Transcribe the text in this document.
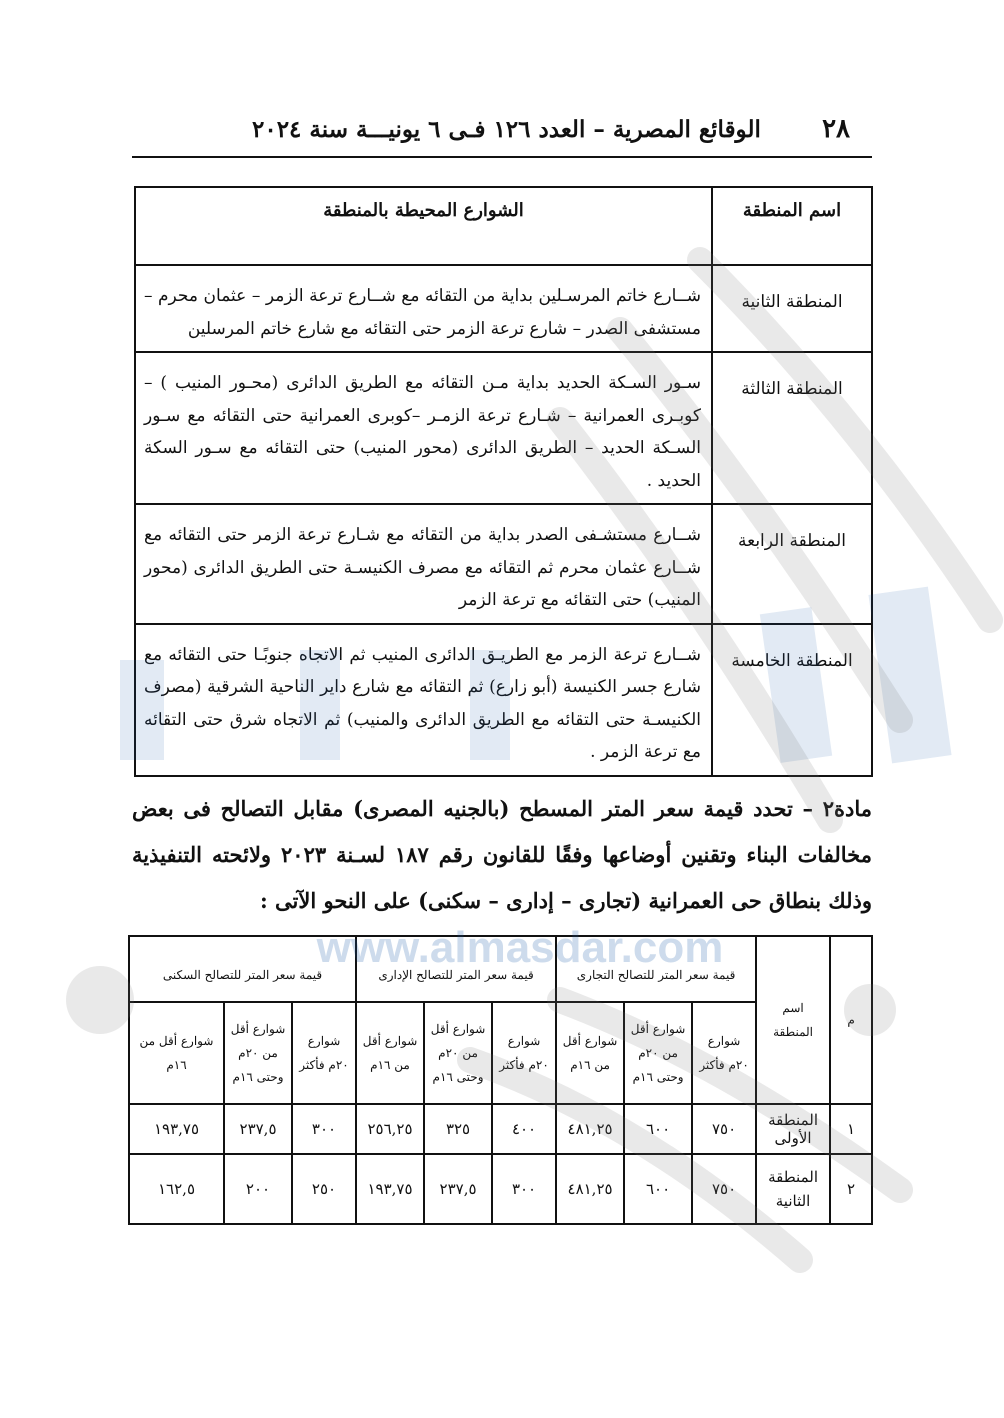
٢٨
الوقائع المصرية – العدد ١٢٦ فـى ٦ يونيـــة سنة ٢٠٢٤
اسم المنطقة	الشوارع المحيطة بالمنطقة
المنطقة الثانية	شــارع خاتم المرسـلين بداية من التقائه مع شــارع ترعة الزمر – عثمان محرم – مستشفى الصدر – شارع ترعة الزمر حتى التقائه مع شارع خاتم المرسلين
المنطقة الثالثة	سـور السـكة الحديد بداية مـن التقائه مع الطريق الدائرى (محـور المنيب ) – كوبـرى العمرانية – شـارع ترعة الزمـر –كوبرى العمرانية حتى التقائه مع سـور السـكة الحديد – الطريق الدائرى (محور المنيب) حتى التقائه مع سـور السكة الحديد .
المنطقة الرابعة	شــارع مستشـفى الصدر بداية من التقائه مع شـارع ترعة الزمر حتى التقائه مع شــارع عثمان محرم ثم التقائه مع مصرف الكنيسـة حتى الطريق الدائرى (محور المنيب) حتى التقائه مع ترعة الزمر
المنطقة الخامسة	شــارع ترعة الزمر مع الطريـق الدائرى المنيب ثم الاتجاه جنوبًـا حتى التقائه مع شارع جسر الكنيسة (أبو زارع) ثم التقائه مع شارع داير الناحية الشرقية (مصرف الكنيسـة حتى التقائه مع الطريق الدائرى والمنيب) ثم الاتجاه شرق حتى التقائه مع ترعة الزمر .

مادة٢ – تحدد قيمة سعر المتر المسطح (بالجنيه المصرى) مقابل التصالح فى بعض مخالفات البناء وتقنين أوضاعها وفقًا للقانون رقم ١٨٧ لسـنة ٢٠٢٣ ولائحته التنفيذية وذلك بنطاق حى العمرانية (تجارى – إدارى – سكنى) على النحو الآتى :

م	اسم المنطقة	قيمة سعر المتر للتصالح التجارى			قيمة سعر المتر للتصالح الإدارى			قيمة سعر المتر للتصالح السكنى		
		شوارع ٢٠م فأكثر	شوارع أقل من ٢٠م وحتى ١٦م	شوارع أقل من ١٦م	شوارع ٢٠م فأكثر	شوارع أقل من ٢٠م وحتى ١٦م	شوارع أقل من ١٦م	شوارع ٢٠م فأكثر	شوارع أقل من ٢٠م وحتى ١٦م	شوارع أقل من ١٦م
١	المنطقة الأولى	٧٥٠	٦٠٠	٤٨١,٢٥	٤٠٠	٣٢٥	٢٥٦,٢٥	٣٠٠	٢٣٧,٥	١٩٣,٧٥
٢	المنطقة الثانية	٧٥٠	٦٠٠	٤٨١,٢٥	٣٠٠	٢٣٧,٥	١٩٣,٧٥	٢٥٠	٢٠٠	١٦٢,٥
www.almasdar.com
